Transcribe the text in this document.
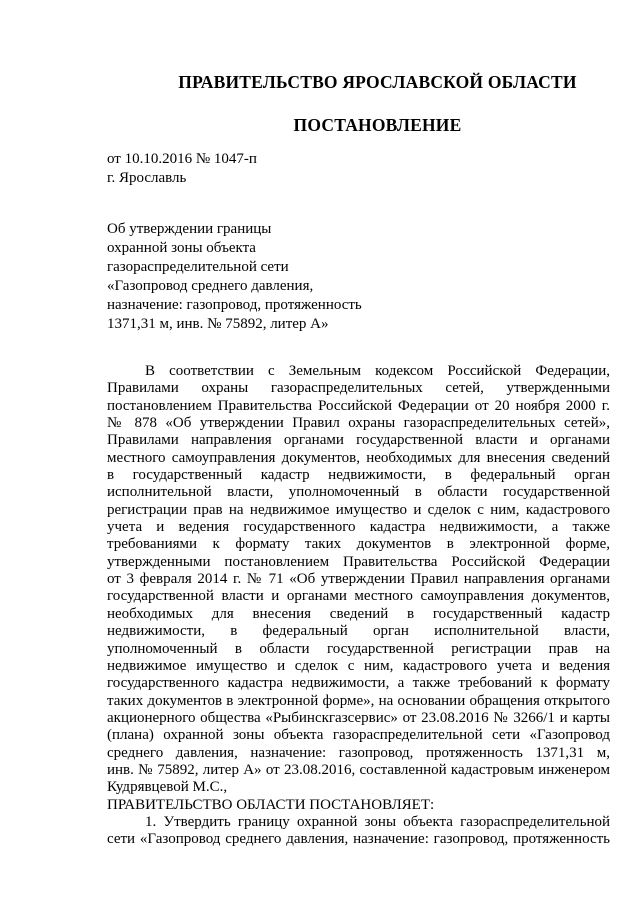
ПРАВИТЕЛЬСТВО ЯРОСЛАВСКОЙ ОБЛАСТИ
ПОСТАНОВЛЕНИЕ
от 10.10.2016 № 1047-п
г. Ярославль
Об утверждении границы
охранной зоны объекта
газораспределительной сети
«Газопровод среднего давления,
назначение: газопровод, протяженность
1371,31 м, инв. № 75892, литер А»
В соответствии с Земельным кодексом Российской Федерации,
Правилами охраны газораспределительных сетей, утвержденными
постановлением Правительства Российской Федерации от 20 ноября 2000 г.
№ 878 «Об утверждении Правил охраны газораспределительных сетей»,
Правилами направления органами государственной власти и органами
местного самоуправления документов, необходимых для внесения сведений
в государственный кадастр недвижимости, в федеральный орган
исполнительной власти, уполномоченный в области государственной
регистрации прав на недвижимое имущество и сделок с ним, кадастрового
учета и ведения государственного кадастра недвижимости, а также
требованиями к формату таких документов в электронной форме,
утвержденными постановлением Правительства Российской Федерации
от 3 февраля 2014 г. № 71 «Об утверждении Правил направления органами
государственной власти и органами местного самоуправления документов,
необходимых для внесения сведений в государственный кадастр
недвижимости, в федеральный орган исполнительной власти,
уполномоченный в области государственной регистрации прав на
недвижимое имущество и сделок с ним, кадастрового учета и ведения
государственного кадастра недвижимости, а также требований к формату
таких документов в электронной форме», на основании обращения открытого
акционерного общества «Рыбинскгазсервис» от 23.08.2016 № 3266/1 и карты
(плана) охранной зоны объекта газораспределительной сети «Газопровод
среднего давления, назначение: газопровод, протяженность 1371,31 м,
инв. № 75892, литер А» от 23.08.2016, составленной кадастровым инженером
Кудрявцевой М.С.,
ПРАВИТЕЛЬСТВО ОБЛАСТИ ПОСТАНОВЛЯЕТ:
1. Утвердить границу охранной зоны объекта газораспределительной
сети «Газопровод среднего давления, назначение: газопровод, протяженность
